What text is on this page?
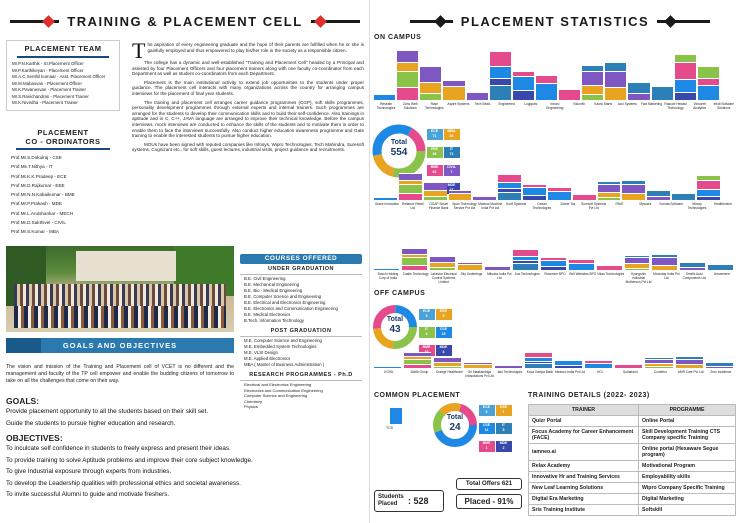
TRAINING & PLACEMENT CELL
PLACEMENT TEAM
Mr.P.N.Karthik - Sr.Placement Officer
Mr.P.Karthikeyan - Placement Officer
Mr.A.C.Senthil kumaar - Asst. Placement Officer
Mr.M.Mabasvan - Placement Officer
Mr.K.Pavanesvari - Placement Trainer
Mr.S.Ravichandran - Placement Trainer
Mr.K.Nivedha - Placement Trainer
PLACEMENT
CO - ORDINATORS
Prof.Mr.S.Dokulraj - CSE
Prof.Ms.T.Nithya - IT
Prof.Mr.K.K.Pradeep - ECE
Prof.Mr.D.Rajkumar - EEE
Prof.Mr.N.N.Kabaikumar - BME
Prof.Mr.P.Prakash - MDE
Prof.Mr.L.Arulshankar - MECH
Prof.Mr.D.Sakthivel - CIVIL
Prof.Mr.S.Kumar - MBA

The aspiration of every engineering graduate and the hope of their parents are fulfilled when he or she is gainfully employed and thus empowered to play his/her role in the society as a responsible citizen.

The college has a dynamic and well-established "Training and Placement Cell" headed by a Principal and assisted by four Placement Officers and four placement trainers along with one faculty co-coordinator from each Department as well as student co-coordinators from each Department.

Placement is the main institutional activity to extend job opportunities to the students under proper guidance. The placement cell interacts with many organizations across the country for arranging campus interviews for the placement of final year students.

The training and placement cell arranges career guidance programmes (CGP), soft skills programmes, personality development programmes through external experts and internal trainers. Such programmes are arranged for the students to develop their communication skills and to build their self-confidence. Also trainings in aptitude and in C, C++, JAVA language are arranged to improve their technical knowledge. Before the campus interviews, mock interviews are conducted to enhance the skills of the students and to motivate them in order to enable them to face the interviews successfully. Also conduct higher education awareness programme and Gate training to enable the interested students to pursue higher education.

MOUs have been signed with reputed companies like Infosys, Wipro Technologies, Tech Mahindra, Suresoft systems, Cognizant etc., for soft skills, guest lectures, industrial visits, project guidance and recruitments.

COURSES OFFERED
UNDER GRADUATION
B.E. Civil Engineering
B.E. Mechanical Engineering
B.E. Bio - Medical Engineering
B.E. Computer Science and Engineering
B.E. Electrical and Electronics Engineering
B.E. Electronics and Communication Engineering
B.E. Medical Electronics
B.Tech. Information Technology
POST GRADUATION
M.E. Computer Science and Engineering
M.E. Embedded System Technologies
M.E. VLSI Design
M.E. Applied Electronics
MBA ( Master of Business Administration )
RESEARCH PROGRAMMES - Ph.D
Electrical and Electronics Engineering
Electronics and Communication Engineering
Computer Science and Engineering
Chemistry
Physics
GOALS AND OBJECTIVES
The vision and mission of the Training and Placement cell of VCET is no different and the management and faculty of the TP cell empower and enable the budding citizens of tomorrow to take on all the challenges that come on their way.
GOALS:
Provide placement opportunity to all the students based on their skill set.
Guide the students to pursue higher education and research.
OBJECTIVES:
To inculcate self confidence in students to freely express and present their ideas.
To provide training to solve Aptitude problems and improve their core subject knowledge.
To give Industrial exposure through experts from industries.
To develop the Leadership qualities with professional ethics and societal awareness.
To invite successful Alumni to guide and motivate freshers.
PLACEMENT STATISTICS
ON CAMPUS
Reseate Technologies
Zoho Web Solutions
Rave Technologies
Aspire Systems	Tech Seals	Engineered	Logiques	Inboro Engineering
Visionfix	Kaoru Starts	Accl Systems	Fact Marketing Rasoob Hewasi Technology
Vincoreti Analytics
Infoit Software Solutions
Total
554
ECE
71
MBA
36
EEE
48
IT
71
BME
62
CIVIL
7
MDE
Grace Innovation Reliance Retail Ltd
GOAP Smart Finance Bank
Span Technology Service Pvt Ltd
Maxtool Machine India Pvt Ltd
Kovil Systems	Ocean Technologies
Solete Tos	Suresoft Systems Pvt Ltd
PAVE	Mytvairs	Sonata Software	Mirosy Technologies
Healthtotech
OFF CAMPUS
Bosch Holding Corp of India
Castle Technology Lakestar Electrical Control Systems Limited
Sky Undertings	Mitsuba India Pvt Ltd
Jsw Technologies	Rosemire BPO	Bell Websites BPO Vikas Technologies	Kyungshin Industrial Motherson Pvt Ltd
Moonday India Pvt Ltd
Smells Auto Components Ltd
Amosmerin
Total
43
ECE
3
EEE
9
IT
3
CSE
15
BME	MDE
3
KGISL	JAWA Group	Orange Healthcare	Sri Maakambiga Infosolutions Pvt Ltd
Jani Technologies	Kova Vompa Bank Meanzo India Pvt Ltd	HCL	Sudarland	Conethro	AMR Care Pvt Ltd	Zero Incidence
COMMON PLACEMENT
TCS
Total
24
ECE
4
EEE
1
CSE
11
IT
5
BME
1
MDE
2
Students Placed	: 528
Total Offers 621
Placed - 91%
TRAINING DETAILS (2022- 2023)
TRAINER	PROGRAMME
Quizr Portal	Online Portal
Focus Academy for Career Enhancement (FACE)	Skill Development Training CTS Company specific Training
iamneo.ai	Online portal (Hexaware Segue program)
Relax Academy	Motivational Program
Innovative Hr and Training Services	Employability skills
New Leaf Learning Solutions	Wipro Company Specific Training
Digital Era Marketing	Digital Marketing
Sris Training Institute	Softskill
